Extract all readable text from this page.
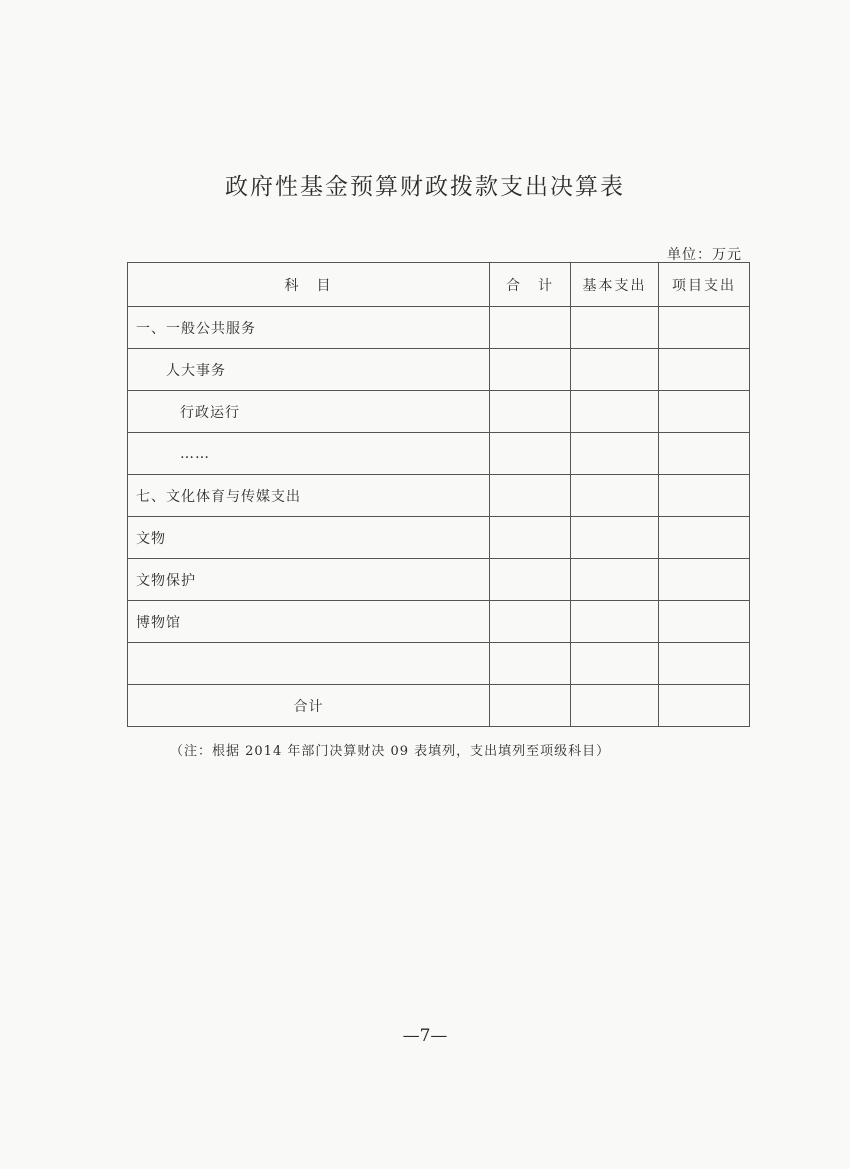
政府性基金预算财政拨款支出决算表
单位：万元
科　目	合　计	基本支出	项目支出
一、一般公共服务			
人大事务			
行政运行			
……			
七、文化体育与传媒支出			
文物			
文物保护			
博物馆			

合计			
（注：根据 2014 年部门决算财决 09 表填列，支出填列至项级科目）
—7—
